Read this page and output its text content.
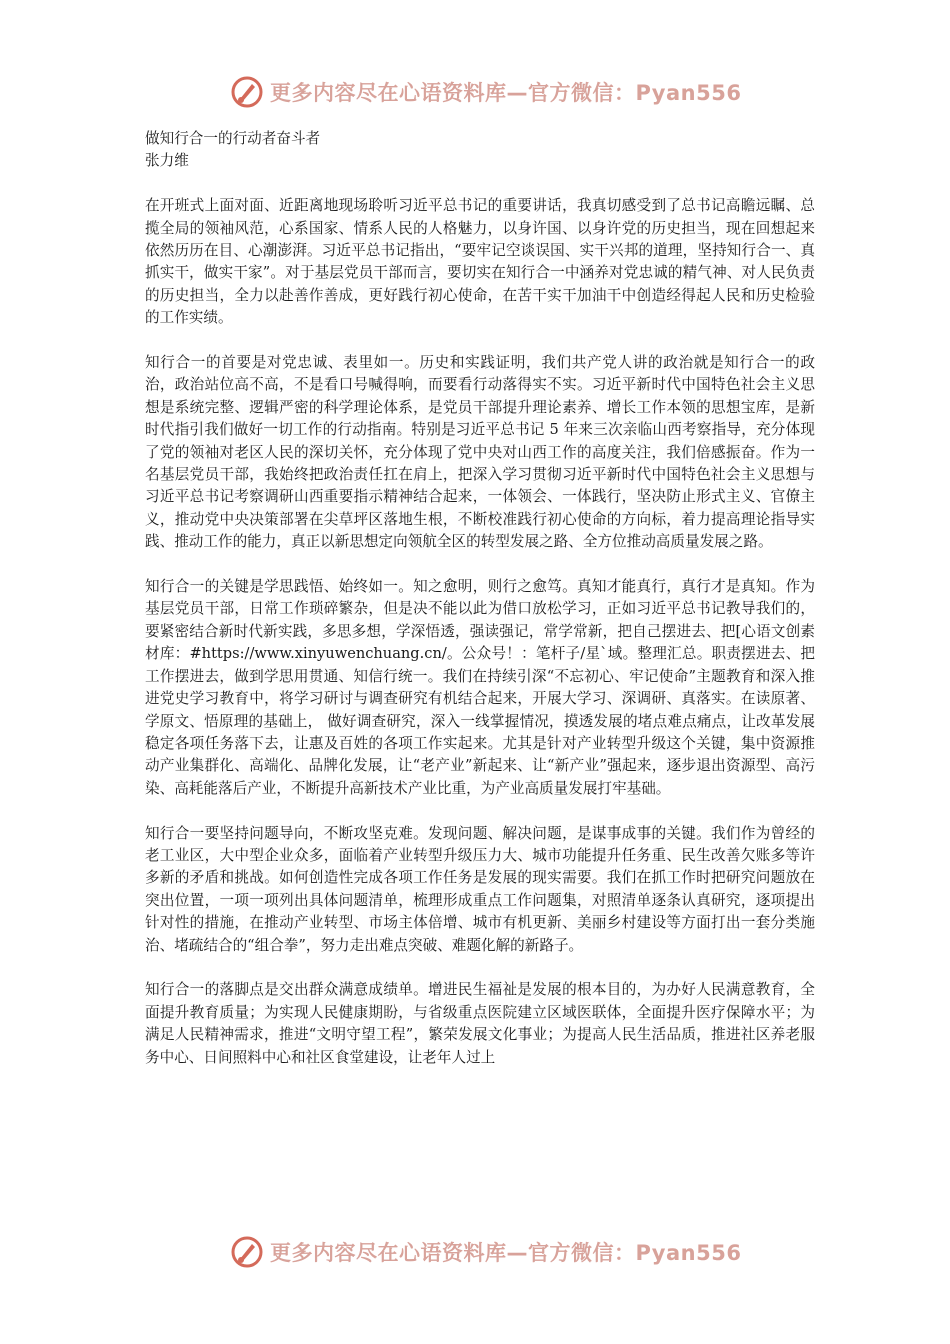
更多内容尽在心语资料库—官方微信：Pyan556
做知行合一的行动者奋斗者
张力维

在开班式上面对面、近距离地现场聆听习近平总书记的重要讲话，我真切感受到了总书记高瞻远瞩、总揽全局的领袖风范，心系国家、情系人民的人格魅力，以身许国、以身许党的历史担当，现在回想起来依然历历在目、心潮澎湃。习近平总书记指出，“要牢记空谈误国、实干兴邦的道理，坚持知行合一、真抓实干，做实干家”。对于基层党员干部而言，要切实在知行合一中涵养对党忠诚的精气神、对人民负责的历史担当，全力以赴善作善成，更好践行初心使命，在苦干实干加油干中创造经得起人民和历史检验的工作实绩。

知行合一的首要是对党忠诚、表里如一。历史和实践证明，我们共产党人讲的政治就是知行合一的政治，政治站位高不高，不是看口号喊得响，而要看行动落得实不实。习近平新时代中国特色社会主义思想是系统完整、逻辑严密的科学理论体系，是党员干部提升理论素养、增长工作本领的思想宝库，是新时代指引我们做好一切工作的行动指南。特别是习近平总书记 5 年来三次亲临山西考察指导，充分体现了党的领袖对老区人民的深切关怀，充分体现了党中央对山西工作的高度关注，我们倍感振奋。作为一名基层党员干部，我始终把政治责任扛在肩上，把深入学习贯彻习近平新时代中国特色社会主义思想与习近平总书记考察调研山西重要指示精神结合起来，一体领会、一体践行，坚决防止形式主义、官僚主义，推动党中央决策部署在尖草坪区落地生根，不断校准践行初心使命的方向标，着力提高理论指导实践、推动工作的能力，真正以新思想定向领航全区的转型发展之路、全方位推动高质量发展之路。

知行合一的关键是学思践悟、始终如一。知之愈明，则行之愈笃。真知才能真行，真行才是真知。作为基层党员干部，日常工作琐碎繁杂，但是决不能以此为借口放松学习，正如习近平总书记教导我们的，要紧密结合新时代新实践，多思多想，学深悟透，强读强记，常学常新，把自己摆进去、把[心语文创素材库：#https://www.xinyuwenchuang.cn/。公众号！：笔杆子/星`域。整理汇总。职责摆进去、把工作摆进去，做到学思用贯通、知信行统一。我们在持续引深“不忘初心、牢记使命”主题教育和深入推进党史学习教育中，将学习研讨与调查研究有机结合起来，开展大学习、深调研、真落实。在读原著、学原文、悟原理的基础上， 做好调查研究，深入一线掌握情况，摸透发展的堵点难点痛点，让改革发展稳定各项任务落下去，让惠及百姓的各项工作实起来。尤其是针对产业转型升级这个关键，集中资源推动产业集群化、高端化、品牌化发展，让“老产业”新起来、让“新产业”强起来，逐步退出资源型、高污染、高耗能落后产业，不断提升高新技术产业比重，为产业高质量发展打牢基础。

知行合一要坚持问题导向，不断攻坚克难。发现问题、解决问题，是谋事成事的关键。我们作为曾经的老工业区，大中型企业众多，面临着产业转型升级压力大、城市功能提升任务重、民生改善欠账多等许多新的矛盾和挑战。如何创造性完成各项工作任务是发展的现实需要。我们在抓工作时把研究问题放在突出位置，一项一项列出具体问题清单，梳理形成重点工作问题集，对照清单逐条认真研究，逐项提出针对性的措施，在推动产业转型、市场主体倍增、城市有机更新、美丽乡村建设等方面打出一套分类施治、堵疏结合的“组合拳”，努力走出难点突破、难题化解的新路子。

知行合一的落脚点是交出群众满意成绩单。增进民生福祉是发展的根本目的，为办好人民满意教育，全面提升教育质量；为实现人民健康期盼，与省级重点医院建立区域医联体，全面提升医疗保障水平；为满足人民精神需求，推进“文明守望工程”，繁荣发展文化事业；为提高人民生活品质，推进社区养老服务中心、日间照料中心和社区食堂建设，让老年人过上

更多内容尽在心语资料库—官方微信：Pyan556
